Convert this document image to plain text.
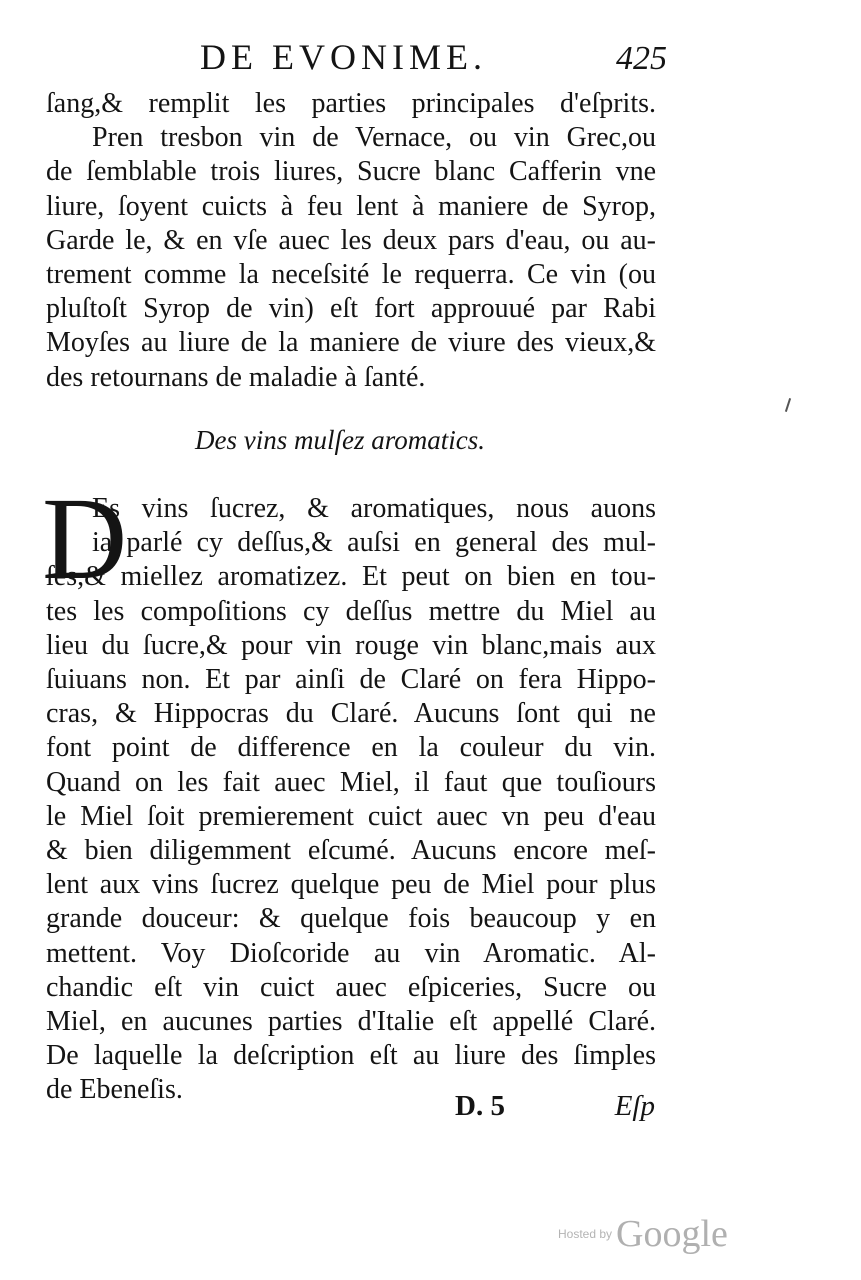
DE EVONIME.	425
ſang,& remplit les parties principales d'eſprits.
Pren tresbon vin de Vernace, ou vin Grec,ou
de ſemblable trois liures, Sucre blanc Cafferin vne
liure, ſoyent cuicts à feu lent à maniere de Syrop,
Garde le, & en vſe auec les deux pars d'eau, ou au-
trement comme la neceſsité le requerra. Ce vin (ou
pluſtoſt Syrop de vin) eſt fort approuué par Rabi
Moyſes au liure de la maniere de viure des vieux,&
des retournans de maladie à ſanté.
Des vins mulſez aromatics.
D
Es vins ſucrez, & aromatiques, nous auons
ia parlé cy deſſus,& auſsi en general des mul-
ſes,& miellez aromatizez. Et peut on bien en tou-
tes les compoſitions cy deſſus mettre du Miel au
lieu du ſucre,& pour vin rouge vin blanc,mais aux
ſuiuans non. Et par ainſi de Claré on fera Hippo-
cras, & Hippocras du Claré. Aucuns ſont qui ne
font point de difference en la couleur du vin.
Quand on les fait auec Miel, il faut que touſiours
le Miel ſoit premierement cuict auec vn peu d'eau
& bien diligemment eſcumé. Aucuns encore meſ-
lent aux vins ſucrez quelque peu de Miel pour plus
grande douceur: & quelque fois beaucoup y en
mettent. Voy Dioſcoride au vin Aromatic. Al-
chandic eſt vin cuict auec eſpiceries, Sucre ou
Miel, en aucunes parties d'Italie eſt appellé Claré.
De laquelle la deſcription eſt au liure des ſimples
de Ebeneſis.
D. 5	Eſp
Hosted by Google
